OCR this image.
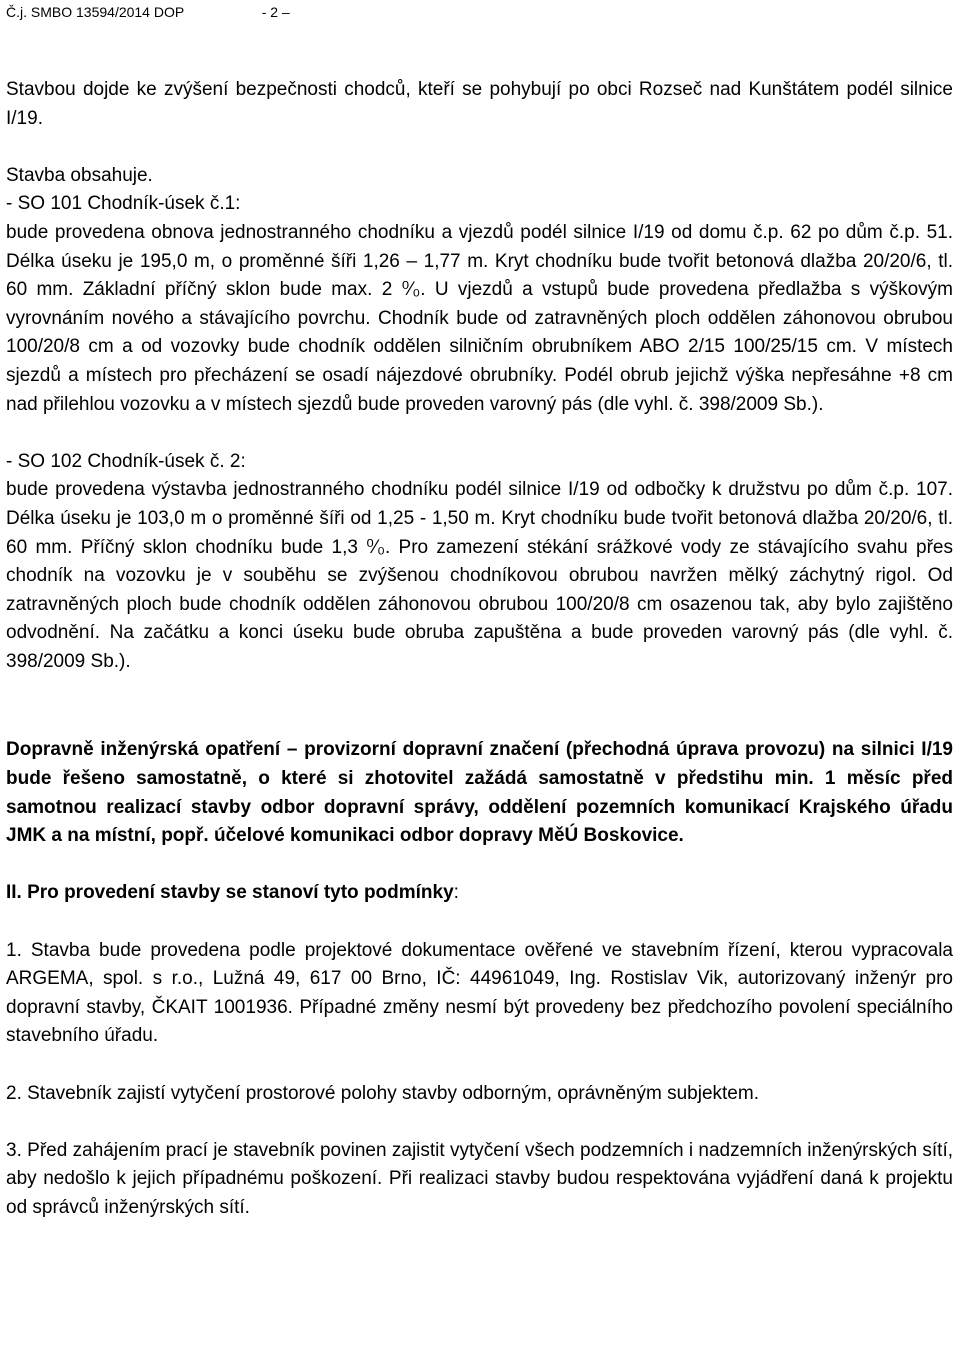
Č.j. SMBO 13594/2014 DOP                    - 2 –

Stavbou dojde ke zvýšení bezpečnosti chodců, kteří se pohybují po obci Rozseč nad Kunštátem podél silnice I/19.

Stavba obsahuje.

- SO 101 Chodník-úsek č.1:

bude provedena obnova jednostranného chodníku a vjezdů podél silnice I/19 od domu č.p. 62 po dům č.p. 51. Délka úseku je 195,0 m, o proměnné šíři 1,26 – 1,77 m. Kryt chodníku bude tvořit betonová dlažba 20/20/6, tl. 60 mm. Základní příčný sklon bude max. 2 ⁰⁄₀. U vjezdů a vstupů bude provedena předlažba s výškovým vyrovnáním nového a stávajícího povrchu. Chodník bude od zatravněných ploch oddělen záhonovou obrubou 100/20/8 cm a od vozovky bude chodník oddělen silničním obrubníkem ABO 2/15 100/25/15 cm. V místech sjezdů a místech pro přecházení se osadí nájezdové obrubníky. Podél obrub jejichž výška nepřesáhne +8 cm nad přilehlou vozovku a v místech sjezdů bude proveden varovný pás (dle vyhl. č. 398/2009 Sb.).

- SO 102 Chodník-úsek č. 2:

bude provedena výstavba jednostranného chodníku podél silnice I/19 od odbočky k družstvu po dům č.p. 107. Délka úseku je 103,0 m o proměnné šíři od 1,25 - 1,50 m. Kryt chodníku bude tvořit betonová dlažba 20/20/6, tl. 60 mm. Příčný sklon chodníku bude 1,3 ⁰⁄₀. Pro zamezení stékání srážkové vody ze stávajícího svahu přes chodník na vozovku je v souběhu se zvýšenou chodníkovou obrubou navržen mělký záchytný rigol. Od zatravněných ploch bude chodník oddělen záhonovou obrubou 100/20/8 cm osazenou tak, aby bylo zajištěno odvodnění. Na začátku a konci úseku bude obruba zapuštěna a bude proveden varovný pás (dle vyhl. č. 398/2009 Sb.).

Dopravně inženýrská opatření – provizorní dopravní značení (přechodná úprava provozu) na silnici I/19 bude řešeno samostatně, o které si zhotovitel zažádá samostatně v předstihu min. 1 měsíc před samotnou realizací stavby odbor dopravní správy, oddělení pozemních komunikací Krajského úřadu JMK a na místní, popř. účelové komunikaci odbor dopravy MěÚ Boskovice.

II. Pro provedení stavby se stanoví tyto podmínky:

1. Stavba bude provedena podle projektové dokumentace ověřené ve stavebním řízení, kterou vypracovala ARGEMA, spol. s r.o., Lužná 49, 617 00 Brno, IČ: 44961049, Ing. Rostislav Vik, autorizovaný inženýr pro dopravní stavby, ČKAIT 1001936. Případné změny nesmí být provedeny bez předchozího povolení speciálního stavebního úřadu.

2. Stavebník zajistí vytyčení prostorové polohy stavby odborným, oprávněným subjektem.

3. Před zahájením prací je stavebník povinen zajistit vytyčení všech podzemních i nadzemních inženýrských sítí, aby nedošlo k jejich případnému poškození. Při realizaci stavby budou respektována vyjádření daná k projektu od správců inženýrských sítí.
